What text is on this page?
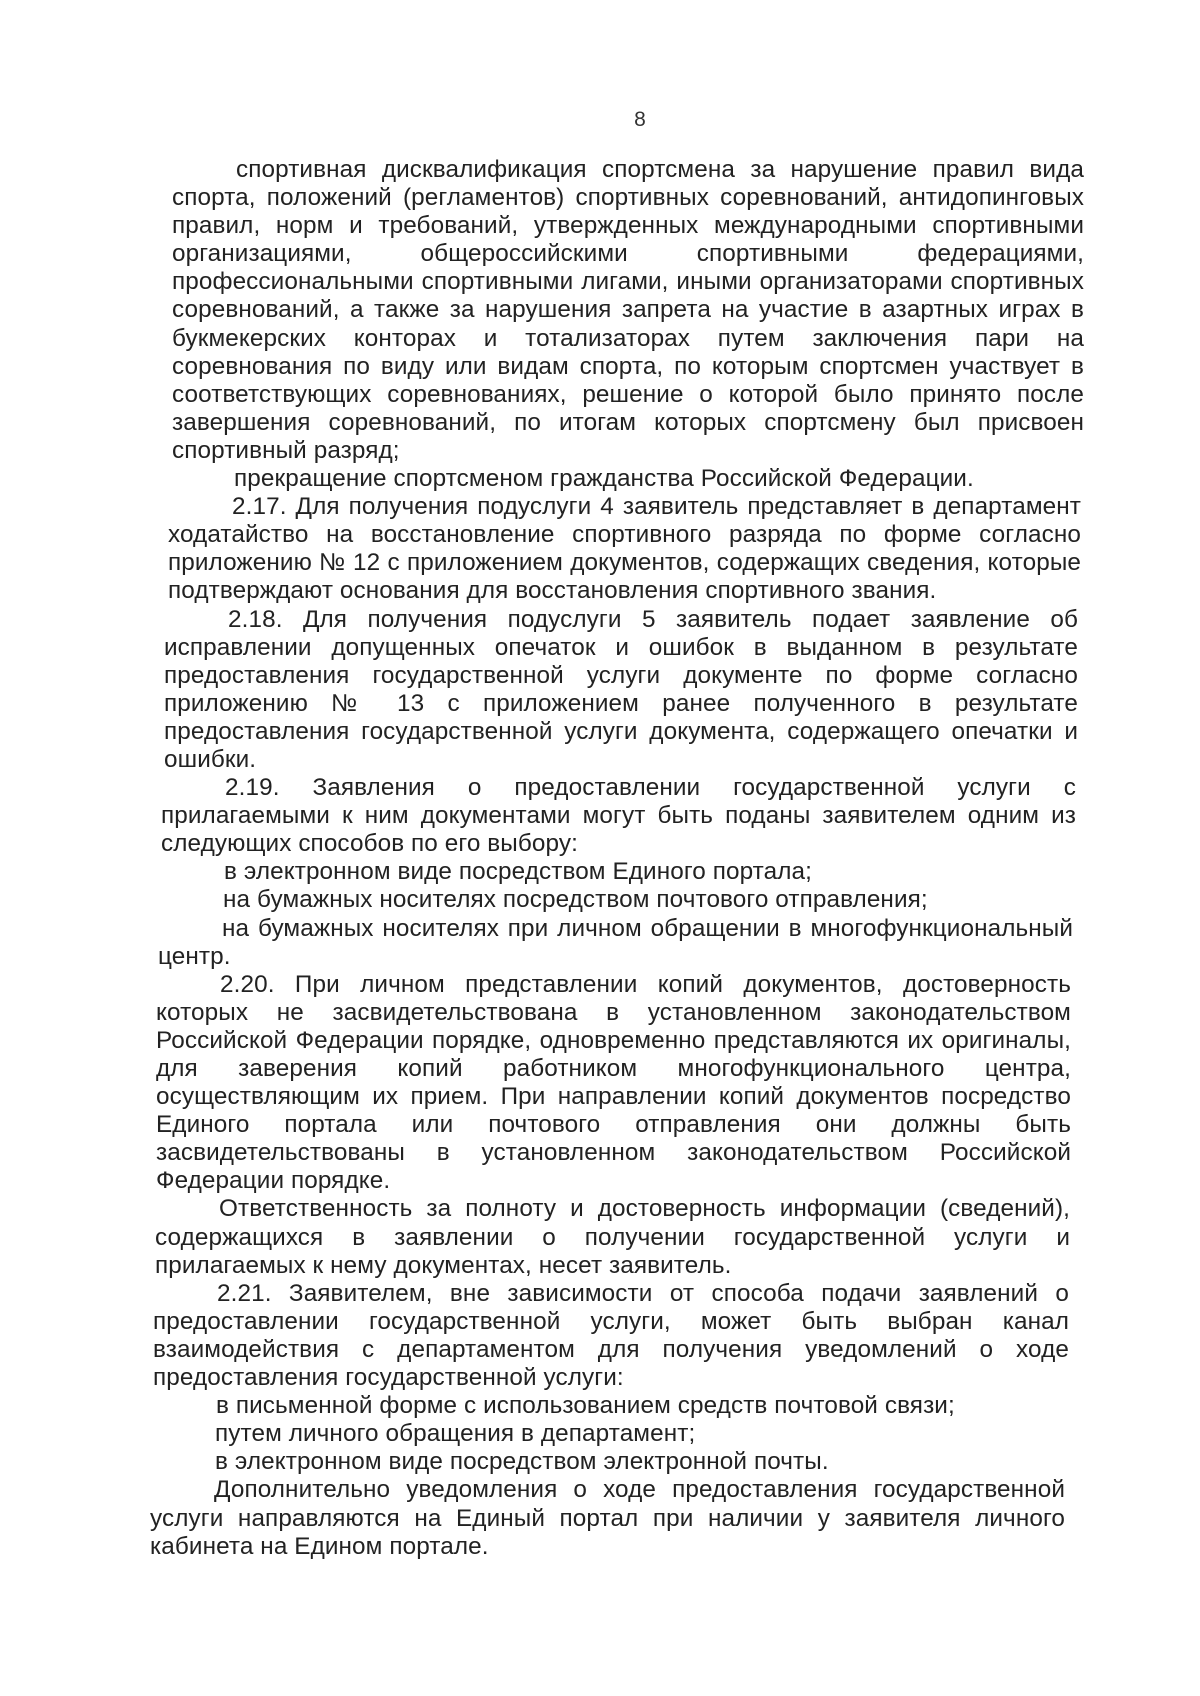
8

спортивная дисквалификация спортсмена за нарушение правил вида спорта, положений (регламентов) спортивных соревнований, антидопинговых правил, норм и требований, утвержденных международными спортивными организациями, общероссийскими спортивными федерациями, профессиональными спортивными лигами, иными организаторами спортивных соревнований, а также за нарушения запрета на участие в азартных играх в букмекерских конторах и тотализаторах путем заключения пари на соревнования по виду или видам спорта, по которым спортсмен участвует в соответствующих соревнованиях, решение о которой было принято после завершения соревнований, по итогам которых спортсмену был присвоен спортивный разряд;

прекращение спортсменом гражданства Российской Федерации.

2.17. Для получения подуслуги 4 заявитель представляет в департамент ходатайство на восстановление спортивного разряда по форме согласно приложению № 12 с приложением документов, содержащих сведения, которые подтверждают основания для восстановления спортивного звания.

2.18. Для получения подуслуги 5 заявитель подает заявление об исправлении допущенных опечаток и ошибок в выданном в результате предоставления государственной услуги документе по форме согласно приложению № 13 с приложением ранее полученного в результате предоставления государственной услуги документа, содержащего опечатки и ошибки.

2.19. Заявления о предоставлении государственной услуги с прилагаемыми к ним документами могут быть поданы заявителем одним из следующих способов по его выбору:

в электронном виде посредством Единого портала;

на бумажных носителях посредством почтового отправления;

на бумажных носителях при личном обращении в многофункциональный центр.

2.20. При личном представлении копий документов, достоверность которых не засвидетельствована в установленном законодательством Российской Федерации порядке, одновременно представляются их оригиналы, для заверения копий работником многофункционального центра, осуществляющим их прием. При направлении копий документов посредство Единого портала или почтового отправления они должны быть засвидетельствованы в установленном законодательством Российской Федерации порядке.

Ответственность за полноту и достоверность информации (сведений), содержащихся в заявлении о получении государственной услуги и прилагаемых к нему документах, несет заявитель.

2.21. Заявителем, вне зависимости от способа подачи заявлений о предоставлении государственной услуги, может быть выбран канал взаимодействия с департаментом для получения уведомлений о ходе предоставления государственной услуги:

в письменной форме с использованием средств почтовой связи;

путем личного обращения в департамент;

в электронном виде посредством электронной почты.

Дополнительно уведомления о ходе предоставления государственной услуги направляются на Единый портал при наличии у заявителя личного кабинета на Едином портале.
